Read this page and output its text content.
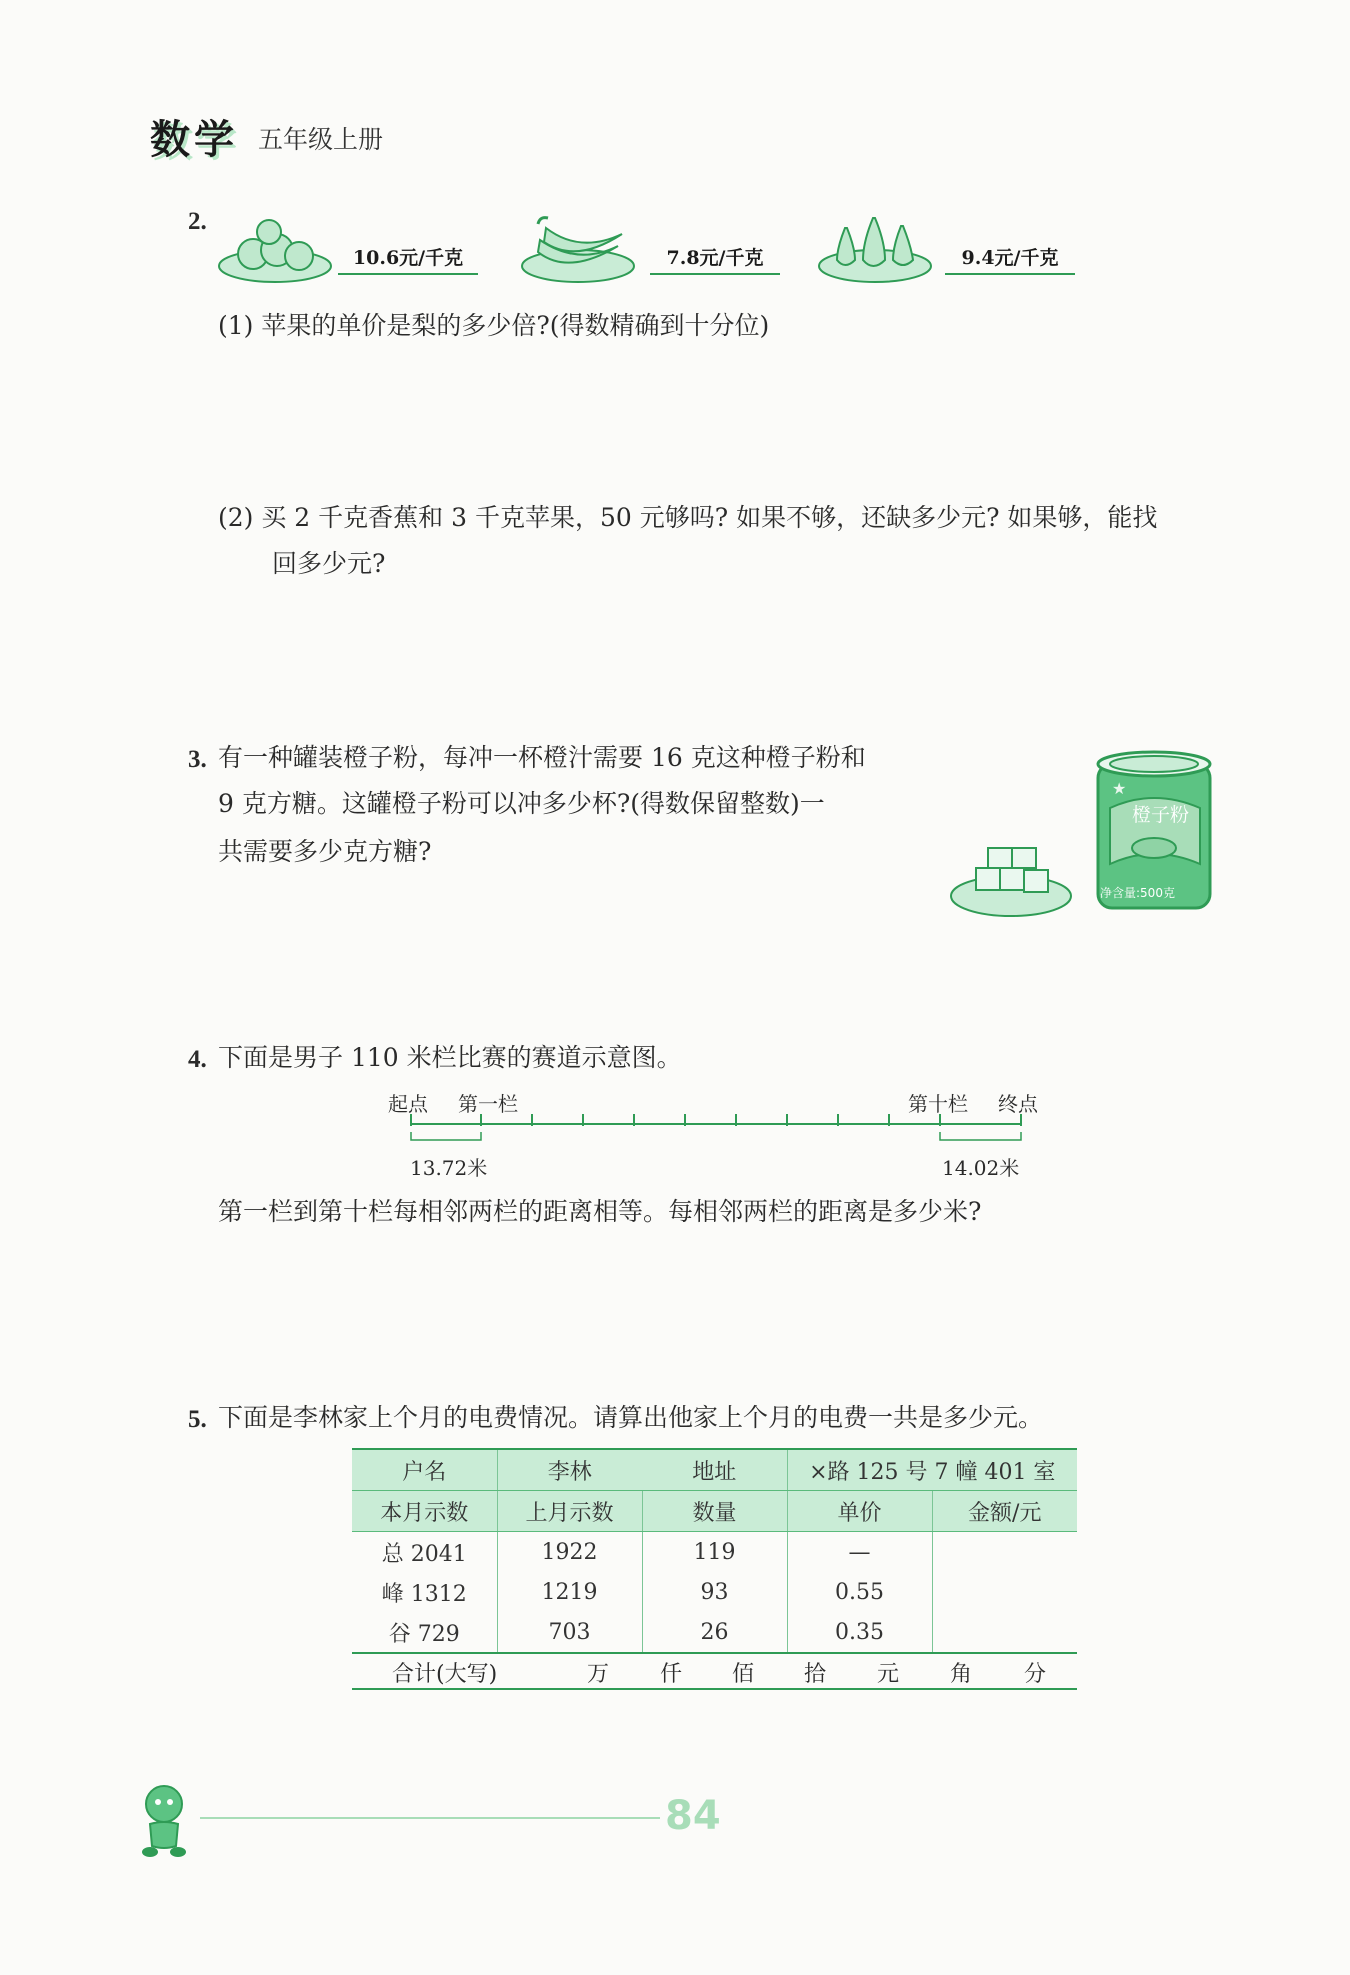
数学 五年级上册
2.
10.6元/千克	7.8元/千克	9.4元/千克
(1) 苹果的单价是梨的多少倍?(得数精确到十分位)
(2) 买 2 千克香蕉和 3 千克苹果，50 元够吗? 如果不够，还缺多少元? 如果够，能找
回多少元?
3. 有一种罐装橙子粉，每冲一杯橙汁需要 16 克这种橙子粉和
9 克方糖。这罐橙子粉可以冲多少杯?(得数保留整数)一
共需要多少克方糖?
★
橙子粉
净含量:500克
4. 下面是男子 110 米栏比赛的赛道示意图。
起点 第一栏	第十栏 终点
13.72米	14.02米
第一栏到第十栏每相邻两栏的距离相等。每相邻两栏的距离是多少米?
5. 下面是李林家上个月的电费情况。请算出他家上个月的电费一共是多少元。
户名	李林	地址	×路 125 号 7 幢 401 室	
本月示数	上月示数	数量	单价	金额/元
总 2041	1922	119	—	
峰 1312	1219	93	0.55	
谷 729	703	26	0.35	
合计(大写)	万 仟 佰 拾 元 角 分
84
